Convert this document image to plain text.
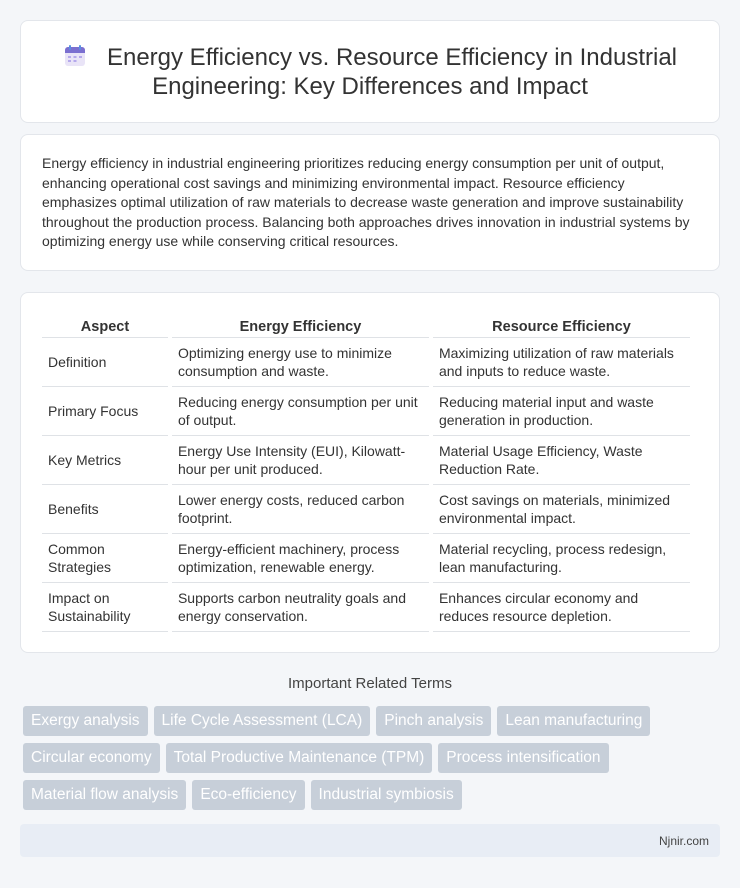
Energy Efficiency vs. Resource Efficiency in Industrial Engineering: Key Differences and Impact

Energy efficiency in industrial engineering prioritizes reducing energy consumption per unit of output, enhancing operational cost savings and minimizing environmental impact. Resource efficiency emphasizes optimal utilization of raw materials to decrease waste generation and improve sustainability throughout the production process. Balancing both approaches drives innovation in industrial systems by optimizing energy use while conserving critical resources.

Aspect	Energy Efficiency	Resource Efficiency
Definition	Optimizing energy use to minimize consumption and waste.	Maximizing utilization of raw materials and inputs to reduce waste.
Primary Focus	Reducing energy consumption per unit of output.	Reducing material input and waste generation in production.
Key Metrics	Energy Use Intensity (EUI), Kilowatt-hour per unit produced.	Material Usage Efficiency, Waste Reduction Rate.
Benefits	Lower energy costs, reduced carbon footprint.	Cost savings on materials, minimized environmental impact.
Common Strategies	Energy-efficient machinery, process optimization, renewable energy.	Material recycling, process redesign, lean manufacturing.
Impact on Sustainability	Supports carbon neutrality goals and energy conservation.	Enhances circular economy and reduces resource depletion.
Important Related Terms
Exergy analysis	Life Cycle Assessment (LCA)	Pinch analysis	Lean manufacturing
Circular economy	Total Productive Maintenance (TPM)	Process intensification
Material flow analysis	Eco-efficiency	Industrial symbiosis
Njnir.com
